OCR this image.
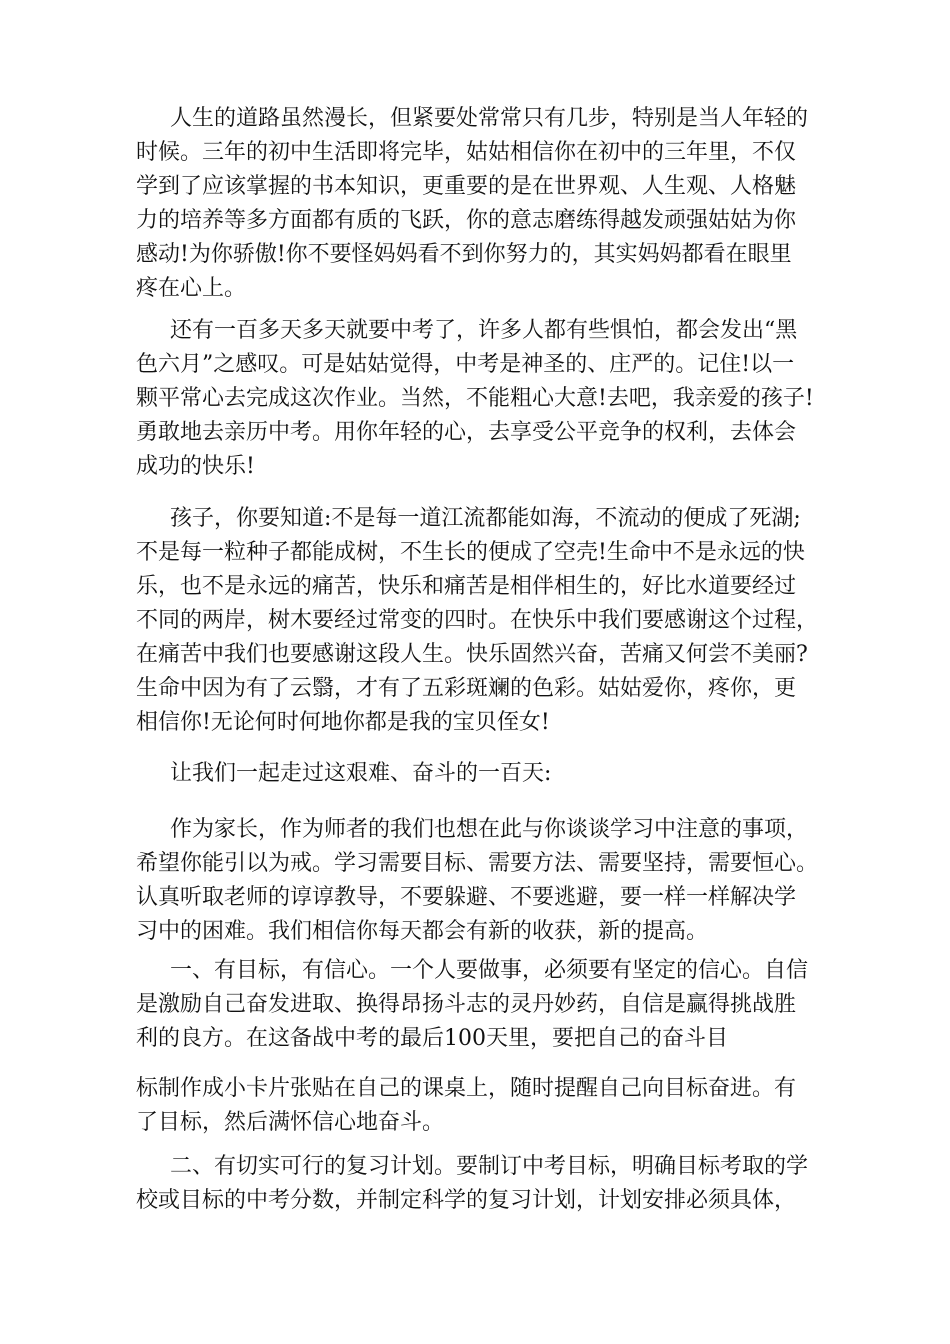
人生的道路虽然漫长，但紧要处常常只有几步，特别是当人年轻的
时候。三年的初中生活即将完毕，姑姑相信你在初中的三年里，不仅
学到了应该掌握的书本知识，更重要的是在世界观、人生观、人格魅
力的培养等多方面都有质的飞跃，你的意志磨练得越发顽强姑姑为你
感动!为你骄傲!你不要怪妈妈看不到你努力的，其实妈妈都看在眼里
疼在心上。
还有一百多天多天就要中考了，许多人都有些惧怕，都会发出“黑
色六月”之感叹。可是姑姑觉得，中考是神圣的、庄严的。记住!以一
颗平常心去完成这次作业。当然，不能粗心大意!去吧，我亲爱的孩子!
勇敢地去亲历中考。用你年轻的心，去享受公平竞争的权利，去体会
成功的快乐!
孩子，你要知道:不是每一道江流都能如海，不流动的便成了死湖;
不是每一粒种子都能成树，不生长的便成了空壳!生命中不是永远的快
乐，也不是永远的痛苦，快乐和痛苦是相伴相生的，好比水道要经过
不同的两岸，树木要经过常变的四时。在快乐中我们要感谢这个过程，
在痛苦中我们也要感谢这段人生。快乐固然兴奋，苦痛又何尝不美丽?
生命中因为有了云翳，才有了五彩斑斓的色彩。姑姑爱你，疼你，更
相信你!无论何时何地你都是我的宝贝侄女!
让我们一起走过这艰难、奋斗的一百天:
作为家长，作为师者的我们也想在此与你谈谈学习中注意的事项，
希望你能引以为戒。学习需要目标、需要方法、需要坚持，需要恒心。
认真听取老师的谆谆教导，不要躲避、不要逃避，要一样一样解决学
习中的困难。我们相信你每天都会有新的收获，新的提高。
一、有目标，有信心。一个人要做事，必须要有坚定的信心。自信
是激励自己奋发进取、换得昂扬斗志的灵丹妙药，自信是赢得挑战胜
利的良方。在这备战中考的最后100天里，要把自己的奋斗目
标制作成小卡片张贴在自己的课桌上，随时提醒自己向目标奋进。有
了目标，然后满怀信心地奋斗。
二、有切实可行的复习计划。要制订中考目标，明确目标考取的学
校或目标的中考分数，并制定科学的复习计划，计划安排必须具体，
